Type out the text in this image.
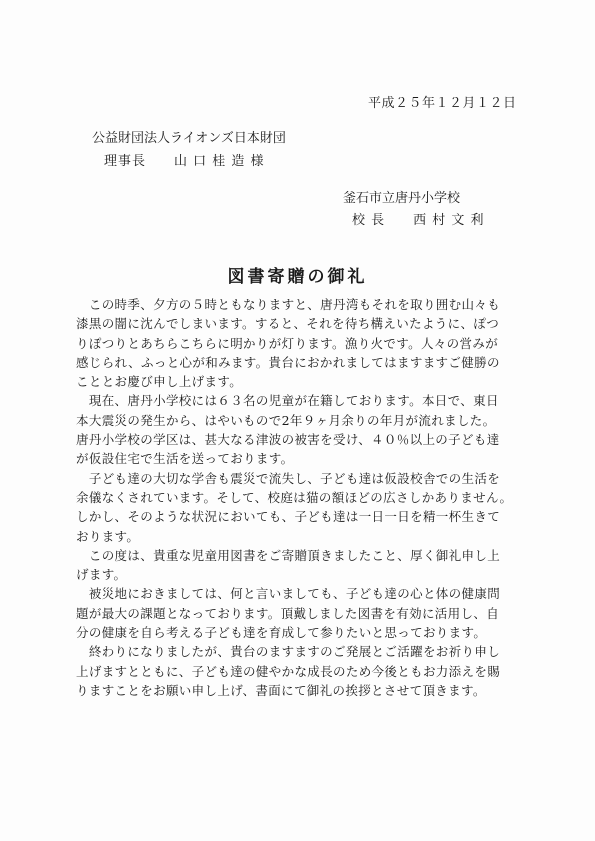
平成２５年１２月１２日
公益財団法人ライオンズ日本財団
理事長　　山 口 桂 造 様
釜石市立唐丹小学校
校 長　　西 村 文 利
図書寄贈の御礼
　この時季、夕方の５時ともなりますと、唐丹湾もそれを取り囲む山々も
漆黒の闇に沈んでしまいます。すると、それを待ち構えいたように、ぽつ
りぽつりとあちらこちらに明かりが灯ります。漁り火です。人々の営みが
感じられ、ふっと心が和みます。貴台におかれましてはますますご健勝の
こととお慶び申し上げます。
　現在、唐丹小学校には６３名の児童が在籍しております。本日で、東日
本大震災の発生から、はやいもので2年９ヶ月余りの年月が流れました。
唐丹小学校の学区は、甚大なる津波の被害を受け、４０％以上の子ども達
が仮設住宅で生活を送っております。
　子ども達の大切な学舎も震災で流失し、子ども達は仮設校舎での生活を
余儀なくされています。そして、校庭は猫の額ほどの広さしかありません。
しかし、そのような状況においても、子ども達は一日一日を精一杯生きて
おります。
　この度は、貴重な児童用図書をご寄贈頂きましたこと、厚く御礼申し上
げます。
　被災地におきましては、何と言いましても、子ども達の心と体の健康問
題が最大の課題となっております。頂戴しました図書を有効に活用し、自
分の健康を自ら考える子ども達を育成して参りたいと思っております。
　終わりになりましたが、貴台のますますのご発展とご活躍をお祈り申し
上げますとともに、子ども達の健やかな成長のため今後ともお力添えを賜
りますことをお願い申し上げ、書面にて御礼の挨拶とさせて頂きます。
